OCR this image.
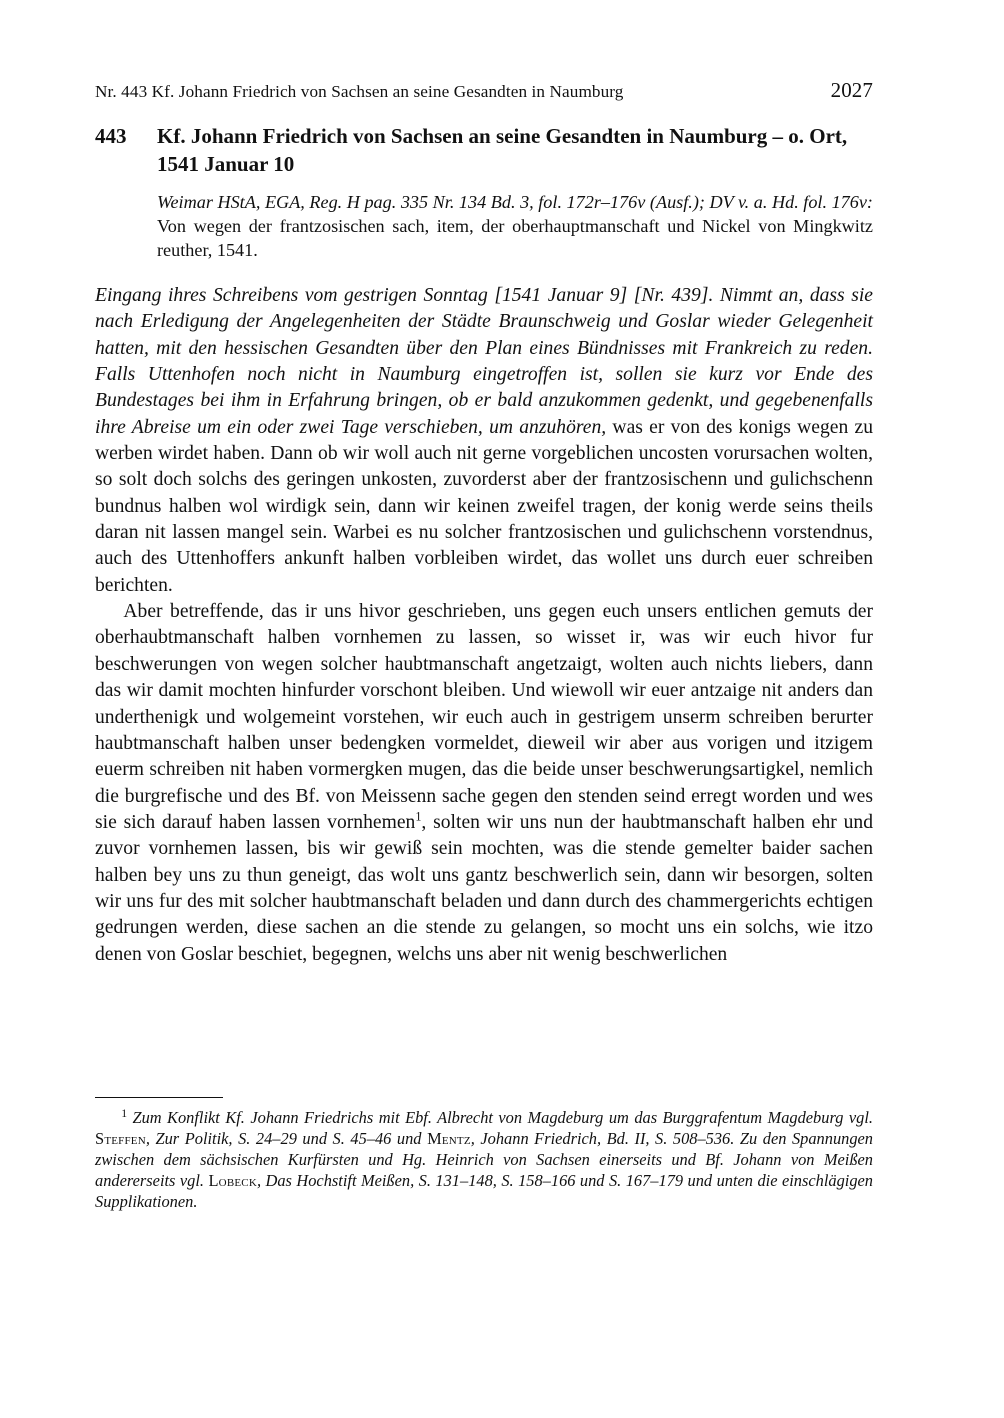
Nr. 443 Kf. Johann Friedrich von Sachsen an seine Gesandten in Naumburg	2027
443	Kf. Johann Friedrich von Sachsen an seine Gesandten in Naumburg – o. Ort, 1541 Januar 10
Weimar HStA, EGA, Reg. H pag. 335 Nr. 134 Bd. 3, fol. 172r–176v (Ausf.); DV v. a. Hd. fol. 176v: Von wegen der frantzosischen sach, item, der oberhauptmanschaft und Nickel von Mingkwitz reuther, 1541.

Eingang ihres Schreibens vom gestrigen Sonntag [1541 Januar 9] [Nr. 439]. Nimmt an, dass sie nach Erledigung der Angelegenheiten der Städte Braunschweig und Goslar wieder Gelegenheit hatten, mit den hessischen Gesandten über den Plan eines Bündnisses mit Frankreich zu reden. Falls Uttenhofen noch nicht in Naumburg eingetroffen ist, sollen sie kurz vor Ende des Bundestages bei ihm in Erfahrung bringen, ob er bald anzukommen gedenkt, und gegebenenfalls ihre Abreise um ein oder zwei Tage verschieben, um anzuhören, was er von des konigs wegen zu werben wirdet haben. Dann ob wir woll auch nit gerne vorgeblichen uncosten vorursachen wolten, so solt doch solchs des geringen unkosten, zuvorderst aber der frantzosischenn und gulichschenn bundnus halben wol wirdigk sein, dann wir keinen zweifel tragen, der konig werde seins theils daran nit lassen mangel sein. Warbei es nu solcher frantzosischen und gulichschenn vorstendnus, auch des Uttenhoffers ankunft halben vorbleiben wirdet, das wollet uns durch euer schreiben berichten.

Aber betreffende, das ir uns hivor geschrieben, uns gegen euch unsers entlichen gemuts der oberhaubtmanschaft halben vornhemen zu lassen, so wisset ir, was wir euch hivor fur beschwerungen von wegen solcher haubtmanschaft angetzaigt, wolten auch nichts liebers, dann das wir damit mochten hinfurder vorschont bleiben. Und wiewoll wir euer antzaige nit anders dan underthenigk und wolgemeint vorstehen, wir euch auch in gestrigem unserm schreiben berurter haubtmanschaft halben unser bedengken vormeldet, dieweil wir aber aus vorigen und itzigem euerm schreiben nit haben vormergken mugen, das die beide unser beschwerungsartigkel, nemlich die burgrefische und des Bf. von Meissenn sache gegen den stenden seind erregt worden und wes sie sich darauf haben lassen vornhemen$^1$, solten wir uns nun der haubtmanschaft halben ehr und zuvor vornhemen lassen, bis wir gewiß sein mochten, was die stende gemelter baider sachen halben bey uns zu thun geneigt, das wolt uns gantz beschwerlich sein, dann wir besorgen, solten wir uns fur des mit solcher haubtmanschaft beladen und dann durch des chammergerichts echtigen gedrungen werden, diese sachen an die stende zu gelangen, so mocht uns ein solchs, wie itzo denen von Goslar beschiet, begegnen, welchs uns aber nit wenig beschwerlichen

$^1$ Zum Konflikt Kf. Johann Friedrichs mit Ebf. Albrecht von Magdeburg um das Burggrafentum Magdeburg vgl. Steffen, Zur Politik, S. 24–29 und S. 45–46 und Mentz, Johann Friedrich, Bd. II, S. 508–536. Zu den Spannungen zwischen dem sächsischen Kurfürsten und Hg. Heinrich von Sachsen einerseits und Bf. Johann von Meißen andererseits vgl. Lobeck, Das Hochstift Meißen, S. 131–148, S. 158–166 und S. 167–179 und unten die einschlägigen Supplikationen.
